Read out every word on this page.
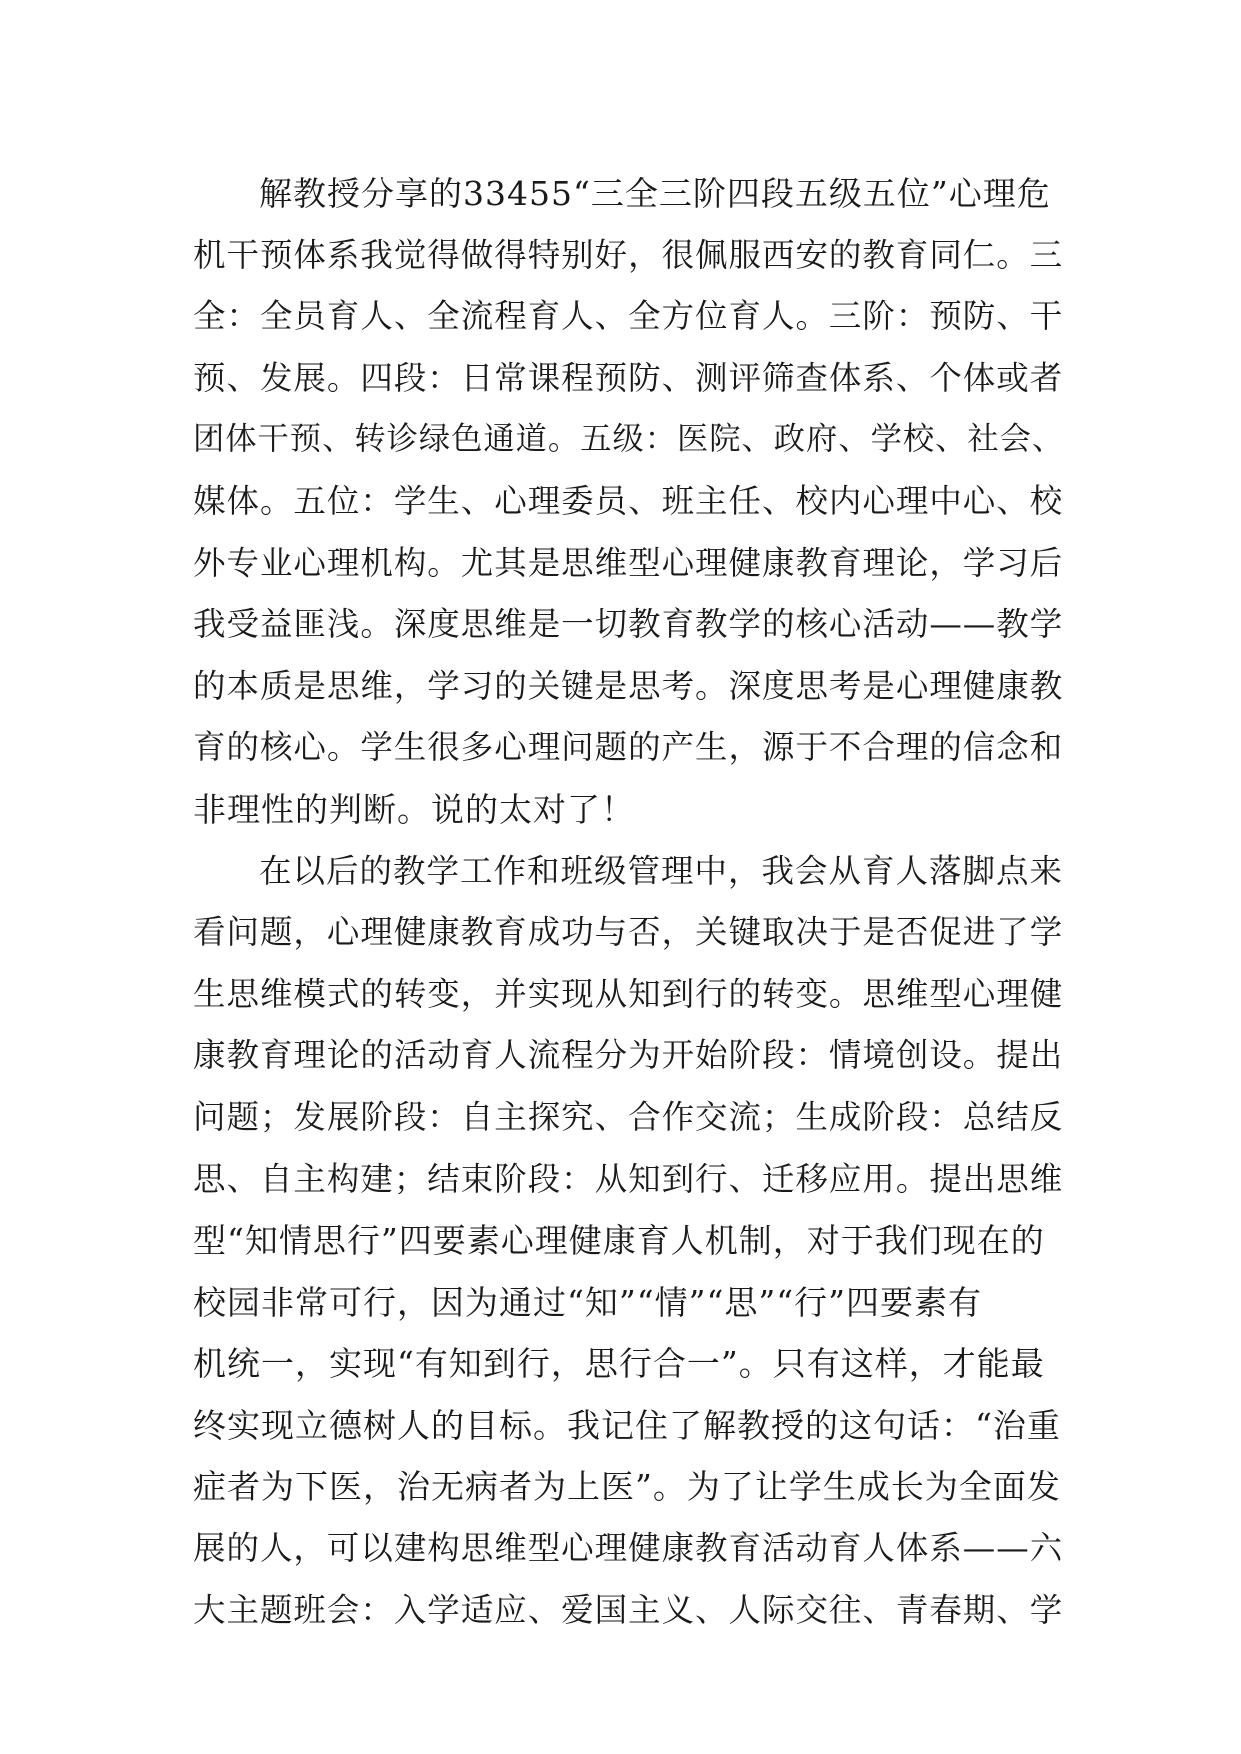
解教授分享的33455“三全三阶四段五级五位”心理危
机干预体系我觉得做得特别好，很佩服西安的教育同仁。三
全：全员育人、全流程育人、全方位育人。三阶：预防、干
预、发展。四段：日常课程预防、测评筛查体系、个体或者
团体干预、转诊绿色通道。五级：医院、政府、学校、社会、
媒体。五位：学生、心理委员、班主任、校内心理中心、校
外专业心理机构。尤其是思维型心理健康教育理论，学习后
我受益匪浅。深度思维是一切教育教学的核心活动——教学
的本质是思维，学习的关键是思考。深度思考是心理健康教
育的核心。学生很多心理问题的产生，源于不合理的信念和
非理性的判断。说的太对了！
在以后的教学工作和班级管理中，我会从育人落脚点来
看问题，心理健康教育成功与否，关键取决于是否促进了学
生思维模式的转变，并实现从知到行的转变。思维型心理健
康教育理论的活动育人流程分为开始阶段：情境创设。提出
问题；发展阶段：自主探究、合作交流；生成阶段：总结反
思、自主构建；结束阶段：从知到行、迁移应用。提出思维
型“知情思行”四要素心理健康育人机制，对于我们现在的
校园非常可行，因为通过“知”“情”“思”“行”四要素有
机统一，实现“有知到行，思行合一”。只有这样，才能最
终实现立德树人的目标。我记住了解教授的这句话：“治重
症者为下医，治无病者为上医”。为了让学生成长为全面发
展的人，可以建构思维型心理健康教育活动育人体系——六
大主题班会：入学适应、爱国主义、人际交往、青春期、学
